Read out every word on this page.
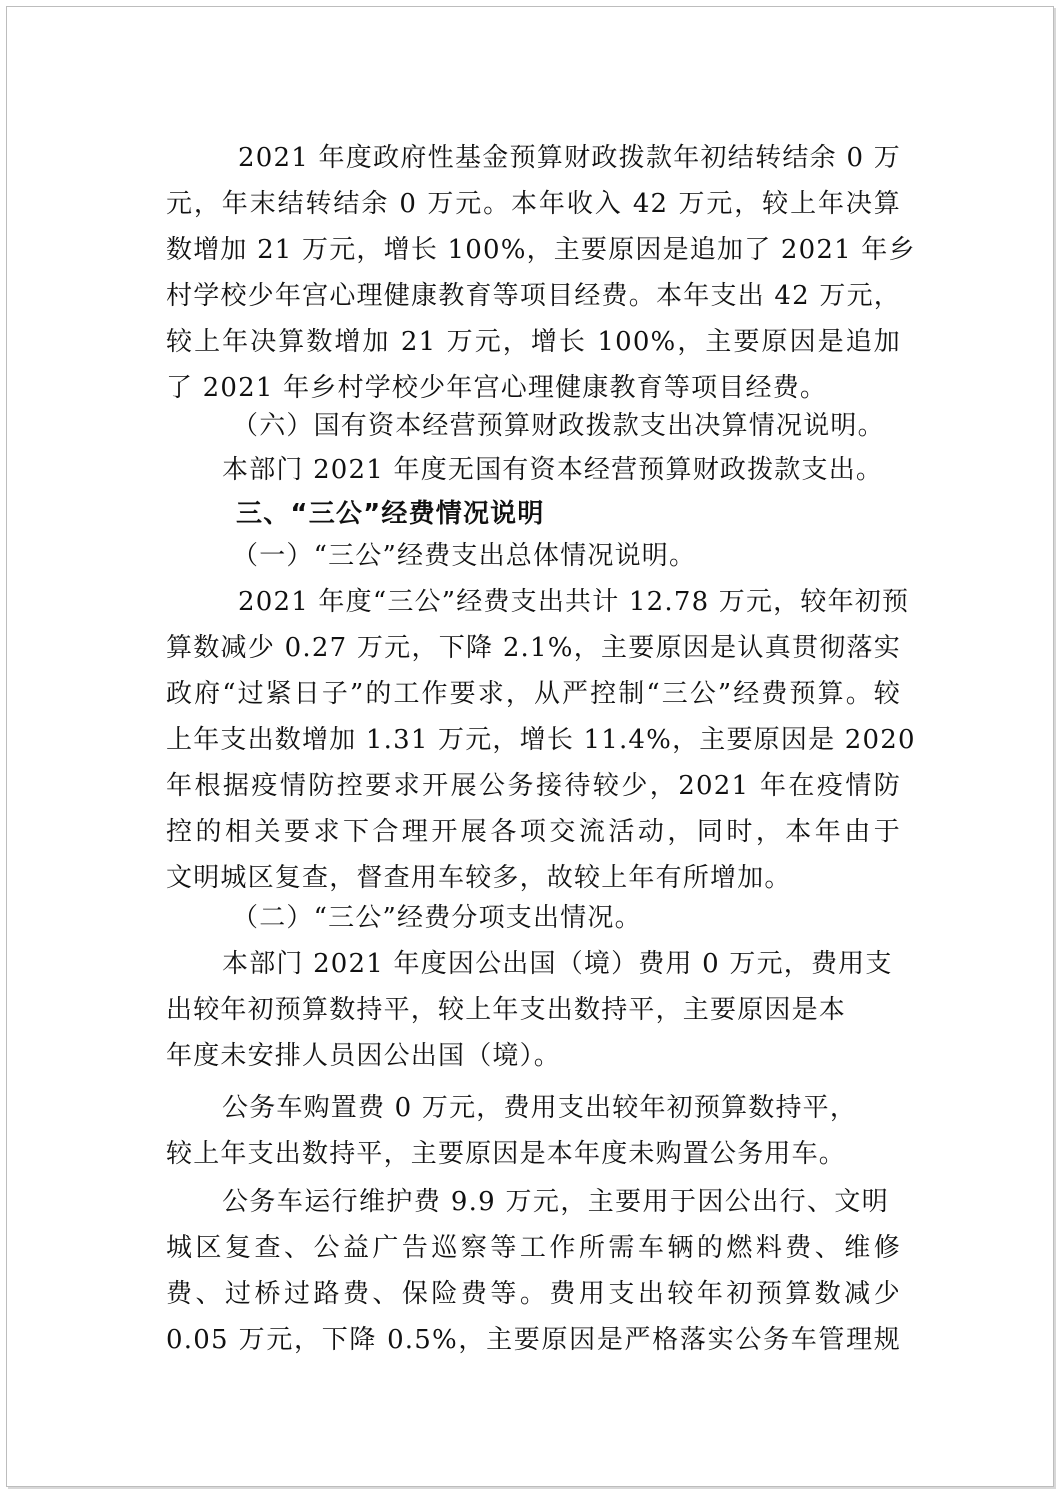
2021 年度政府性基金预算财政拨款年初结转结余 0 万
元，年末结转结余 0 万元。本年收入 42 万元，较上年决算
数增加 21 万元，增长 100%，主要原因是追加了 2021 年乡
村学校少年宫心理健康教育等项目经费。本年支出 42 万元，
较上年决算数增加 21 万元，增长 100%，主要原因是追加
了 2021 年乡村学校少年宫心理健康教育等项目经费。
（六）国有资本经营预算财政拨款支出决算情况说明。
本部门 2021 年度无国有资本经营预算财政拨款支出。
三、“三公”经费情况说明
（一）“三公”经费支出总体情况说明。
2021 年度“三公”经费支出共计 12.78 万元，较年初预
算数减少 0.27 万元，下降 2.1%，主要原因是认真贯彻落实
政府“过紧日子”的工作要求，从严控制“三公”经费预算。较
上年支出数增加 1.31 万元，增长 11.4%，主要原因是 2020
年根据疫情防控要求开展公务接待较少，2021 年在疫情防
控的相关要求下合理开展各项交流活动，同时，本年由于
文明城区复查，督查用车较多，故较上年有所增加。
（二）“三公”经费分项支出情况。
本部门 2021 年度因公出国（境）费用 0 万元，费用支
出较年初预算数持平，较上年支出数持平，主要原因是本
年度未安排人员因公出国（境）。
公务车购置费 0 万元，费用支出较年初预算数持平，
较上年支出数持平，主要原因是本年度未购置公务用车。
公务车运行维护费 9.9 万元，主要用于因公出行、文明
城区复查、公益广告巡察等工作所需车辆的燃料费、维修
费、过桥过路费、保险费等。费用支出较年初预算数减少
0.05 万元，下降 0.5%，主要原因是严格落实公务车管理规
